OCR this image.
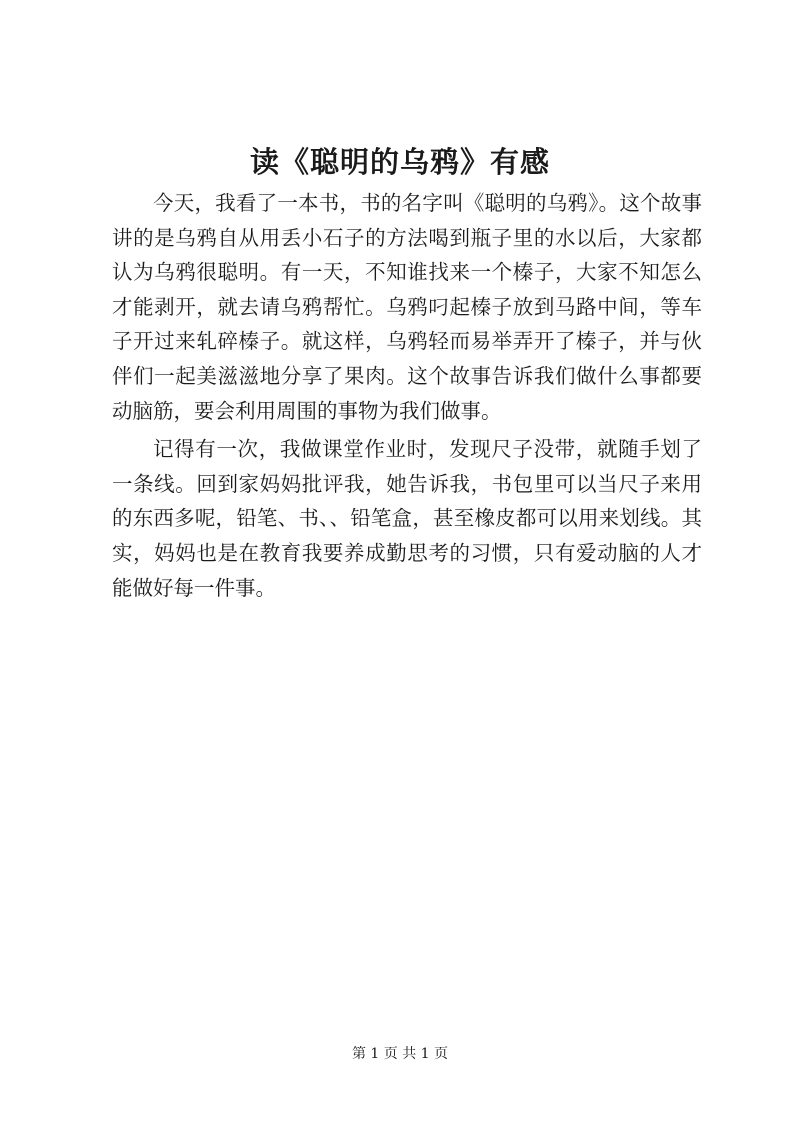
读《聪明的乌鸦》有感

今天，我看了一本书，书的名字叫《聪明的乌鸦》。这个故事讲的是乌鸦自从用丢小石子的方法喝到瓶子里的水以后，大家都认为乌鸦很聪明。有一天，不知谁找来一个榛子，大家不知怎么才能剥开，就去请乌鸦帮忙。乌鸦叼起榛子放到马路中间，等车子开过来轧碎榛子。就这样，乌鸦轻而易举弄开了榛子，并与伙伴们一起美滋滋地分享了果肉。这个故事告诉我们做什么事都要动脑筋，要会利用周围的事物为我们做事。

记得有一次，我做课堂作业时，发现尺子没带，就随手划了一条线。回到家妈妈批评我，她告诉我，书包里可以当尺子来用的东西多呢，铅笔、书、、铅笔盒，甚至橡皮都可以用来划线。其实，妈妈也是在教育我要养成勤思考的习惯，只有爱动脑的人才能做好每一件事。

第 1 页 共 1 页
